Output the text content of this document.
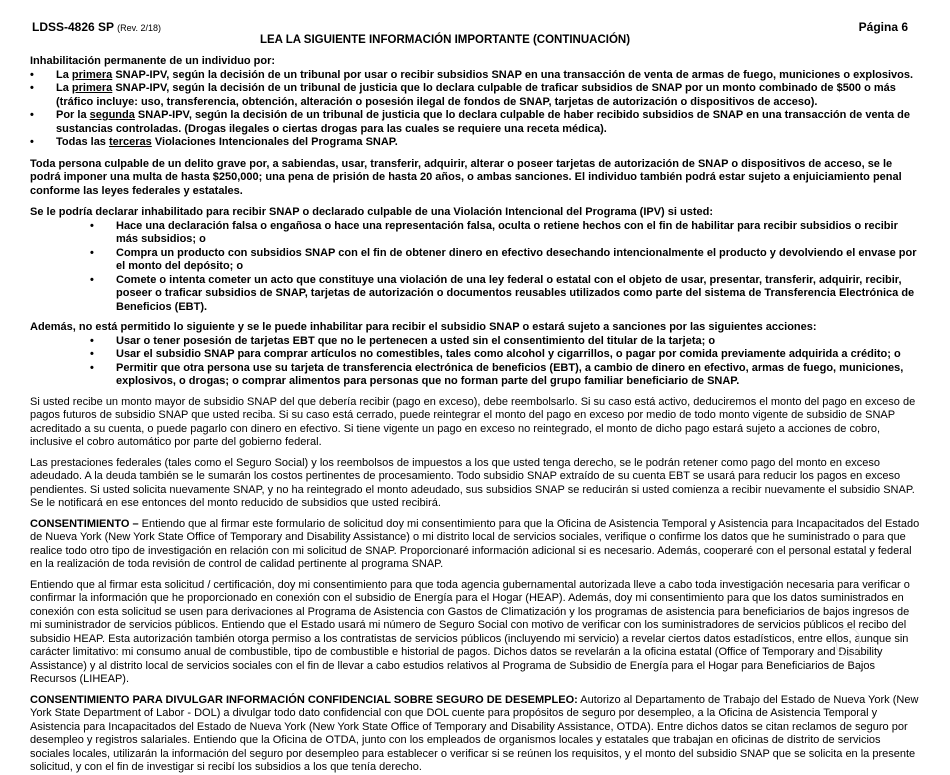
LDSS-4826 SP (Rev. 2/18)	Página 6
LEA LA SIGUIENTE INFORMACIÓN IMPORTANTE (CONTINUACIÓN)

Inhabilitación permanente de un individuo por:

• La primera SNAP-IPV, según la decisión de un tribunal por usar o recibir subsidios SNAP en una transacción de venta de armas de fuego, municiones o explosivos.
• La primera SNAP-IPV, según la decisión de un tribunal de justicia que lo declara culpable de traficar subsidios de SNAP por un monto combinado de $500 o más (tráfico incluye: uso, transferencia, obtención, alteración o posesión ilegal de fondos de SNAP, tarjetas de autorización o dispositivos de acceso).
• Por la segunda SNAP-IPV, según la decisión de un tribunal de justicia que lo declara culpable de haber recibido subsidios de SNAP en una transacción de venta de sustancias controladas. (Drogas ilegales o ciertas drogas para las cuales se requiere una receta médica).
• Todas las terceras Violaciones Intencionales del Programa SNAP.

Toda persona culpable de un delito grave por, a sabiendas, usar, transferir, adquirir, alterar o poseer tarjetas de autorización de SNAP o dispositivos de acceso, se le podrá imponer una multa de hasta $250,000; una pena de prisión de hasta 20 años, o ambas sanciones. El individuo también podrá estar sujeto a enjuiciamiento penal conforme las leyes federales y estatales.

Se le podría declarar inhabilitado para recibir SNAP o declarado culpable de una Violación Intencional del Programa (IPV) si usted:

• Hace una declaración falsa o engañosa o hace una representación falsa, oculta o retiene hechos con el fin de habilitar para recibir subsidios o recibir más subsidios; o
• Compra un producto con subsidios SNAP con el fin de obtener dinero en efectivo desechando intencionalmente el producto y devolviendo el envase por el monto del depósito; o
• Comete o intenta cometer un acto que constituye una violación de una ley federal o estatal con el objeto de usar, presentar, transferir, adquirir, recibir, poseer o traficar subsidios de SNAP, tarjetas de autorización o documentos reusables utilizados como parte del sistema de Transferencia Electrónica de Beneficios (EBT).

Además, no está permitido lo siguiente y se le puede inhabilitar para recibir el subsidio SNAP o estará sujeto a sanciones por las siguientes acciones:

• Usar o tener posesión de tarjetas EBT que no le pertenecen a usted sin el consentimiento del titular de la tarjeta; o
• Usar el subsidio SNAP para comprar artículos no comestibles, tales como alcohol y cigarrillos, o pagar por comida previamente adquirida a crédito; o
• Permitir que otra persona use su tarjeta de transferencia electrónica de beneficios (EBT), a cambio de dinero en efectivo, armas de fuego, municiones, explosivos, o drogas; o comprar alimentos para personas que no forman parte del grupo familiar beneficiario de SNAP.

Si usted recibe un monto mayor de subsidio SNAP del que debería recibir (pago en exceso), debe reembolsarlo. Si su caso está activo, deduciremos el monto del pago en exceso de pagos futuros de subsidio SNAP que usted reciba. Si su caso está cerrado, puede reintegrar el monto del pago en exceso por medio de todo monto vigente de subsidio de SNAP acreditado a su cuenta, o puede pagarlo con dinero en efectivo. Si tiene vigente un pago en exceso no reintegrado, el monto de dicho pago estará sujeto a acciones de cobro, inclusive el cobro automático por parte del gobierno federal.

Las prestaciones federales (tales como el Seguro Social) y los reembolsos de impuestos a los que usted tenga derecho, se le podrán retener como pago del monto en exceso adeudado. A la deuda también se le sumarán los costos pertinentes de procesamiento. Todo subsidio SNAP extraído de su cuenta EBT se usará para reducir los pagos en exceso pendientes. Si usted solicita nuevamente SNAP, y no ha reintegrado el monto adeudado, sus subsidios SNAP se reducirán si usted comienza a recibir nuevamente el subsidio SNAP. Se le notificará en ese entonces del monto reducido de subsidios que usted recibirá.

CONSENTIMIENTO – Entiendo que al firmar este formulario de solicitud doy mi consentimiento para que la Oficina de Asistencia Temporal y Asistencia para Incapacitados del Estado de Nueva York (New York State Office of Temporary and Disability Assistance) o mi distrito local de servicios sociales, verifique o confirme los datos que he suministrado o para que realice todo otro tipo de investigación en relación con mi solicitud de SNAP. Proporcionaré información adicional si es necesario. Además, cooperaré con el personal estatal y federal en la realización de toda revisión de control de calidad pertinente al programa SNAP.

Entiendo que al firmar esta solicitud / certificación, doy mi consentimiento para que toda agencia gubernamental autorizada lleve a cabo toda investigación necesaria para verificar o confirmar la información que he proporcionado en conexión con el subsidio de Energía para el Hogar (HEAP). Además, doy mi consentimiento para que los datos suministrados en conexión con esta solicitud se usen para derivaciones al Programa de Asistencia con Gastos de Climatización y los programas de asistencia para beneficiarios de bajos ingresos de mi suministrador de servicios públicos. Entiendo que el Estado usará mi número de Seguro Social con motivo de verificar con los suministradores de servicios públicos el recibo del subsidio HEAP. Esta autorización también otorga permiso a los contratistas de servicios públicos (incluyendo mi servicio) a revelar ciertos datos estadísticos, entre ellos, aunque sin carácter limitativo: mi consumo anual de combustible, tipo de combustible e historial de pagos. Dichos datos se revelarán a la oficina estatal (Office of Temporary and Disability Assistance) y al distrito local de servicios sociales con el fin de llevar a cabo estudios relativos al Programa de Subsidio de Energía para el Hogar para Beneficiarios de Bajos Recursos (LIHEAP).

CONSENTIMIENTO PARA DIVULGAR INFORMACIÓN CONFIDENCIAL SOBRE SEGURO DE DESEMPLEO: Autorizo al Departamento de Trabajo del Estado de Nueva York (New York State Department of Labor - DOL) a divulgar todo dato confidencial con que DOL cuente para propósitos de seguro por desempleo, a la Oficina de Asistencia Temporal y Asistencia para Incapacitados del Estado de Nueva York (New York State Office of Temporary and Disability Assistance, OTDA). Entre dichos datos se citan reclamos de seguro por desempleo y registros salariales. Entiendo que la Oficina de OTDA, junto con los empleados de organismos locales y estatales que trabajan en oficinas de distrito de servicios sociales locales, utilizarán la información del seguro por desempleo para establecer o verificar si se reúnen los requisitos, y el monto del subsidio SNAP que se solicita en la presente solicitud, y con el fin de investigar si recibí los subsidios a los que tenía derecho.
